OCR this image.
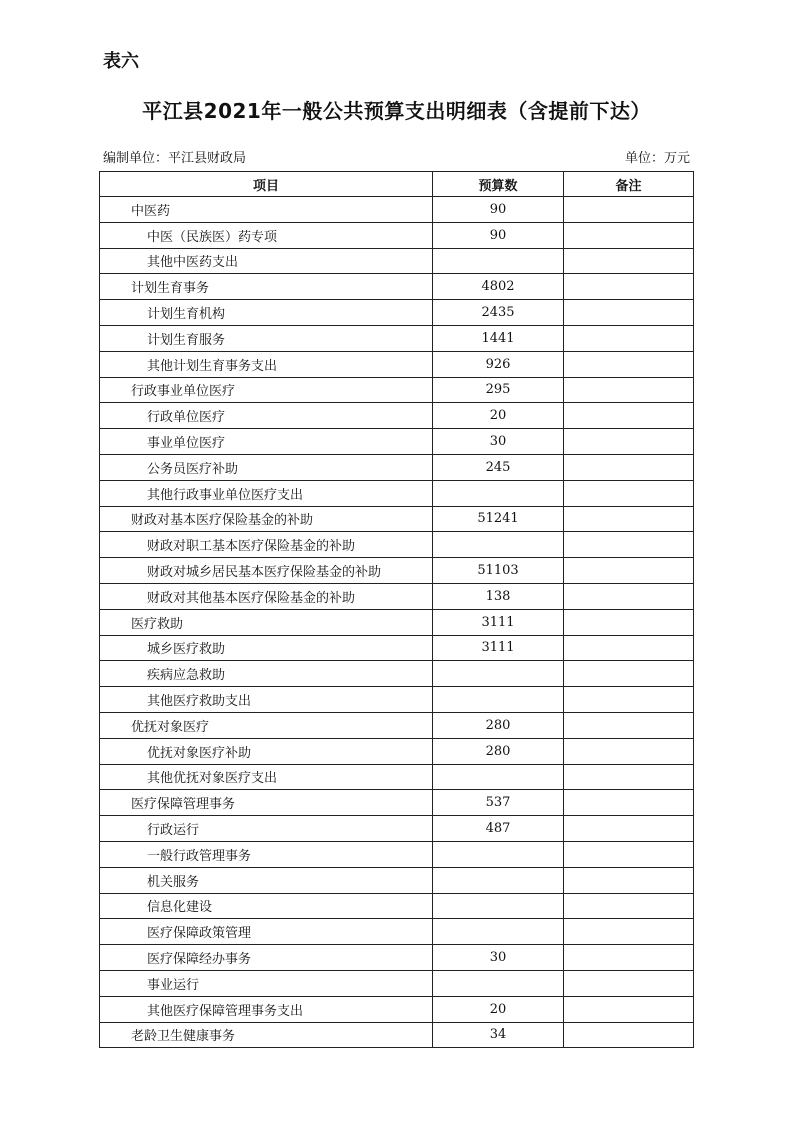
表六
平江县2021年一般公共预算支出明细表（含提前下达）
编制单位：平江县财政局	单位：万元
项目	预算数	备注
中医药	90	
中医（民族医）药专项	90	
其他中医药支出		
计划生育事务	4802	
计划生育机构	2435	
计划生育服务	1441	
其他计划生育事务支出	926	
行政事业单位医疗	295	
行政单位医疗	20	
事业单位医疗	30	
公务员医疗补助	245	
其他行政事业单位医疗支出		
财政对基本医疗保险基金的补助	51241	
财政对职工基本医疗保险基金的补助		
财政对城乡居民基本医疗保险基金的补助	51103	
财政对其他基本医疗保险基金的补助	138	
医疗救助	3111	
城乡医疗救助	3111	
疾病应急救助		
其他医疗救助支出		
优抚对象医疗	280	
优抚对象医疗补助	280	
其他优抚对象医疗支出		
医疗保障管理事务	537	
行政运行	487	
一般行政管理事务		
机关服务		
信息化建设		
医疗保障政策管理		
医疗保障经办事务	30	
事业运行		
其他医疗保障管理事务支出	20	
老龄卫生健康事务	34	
